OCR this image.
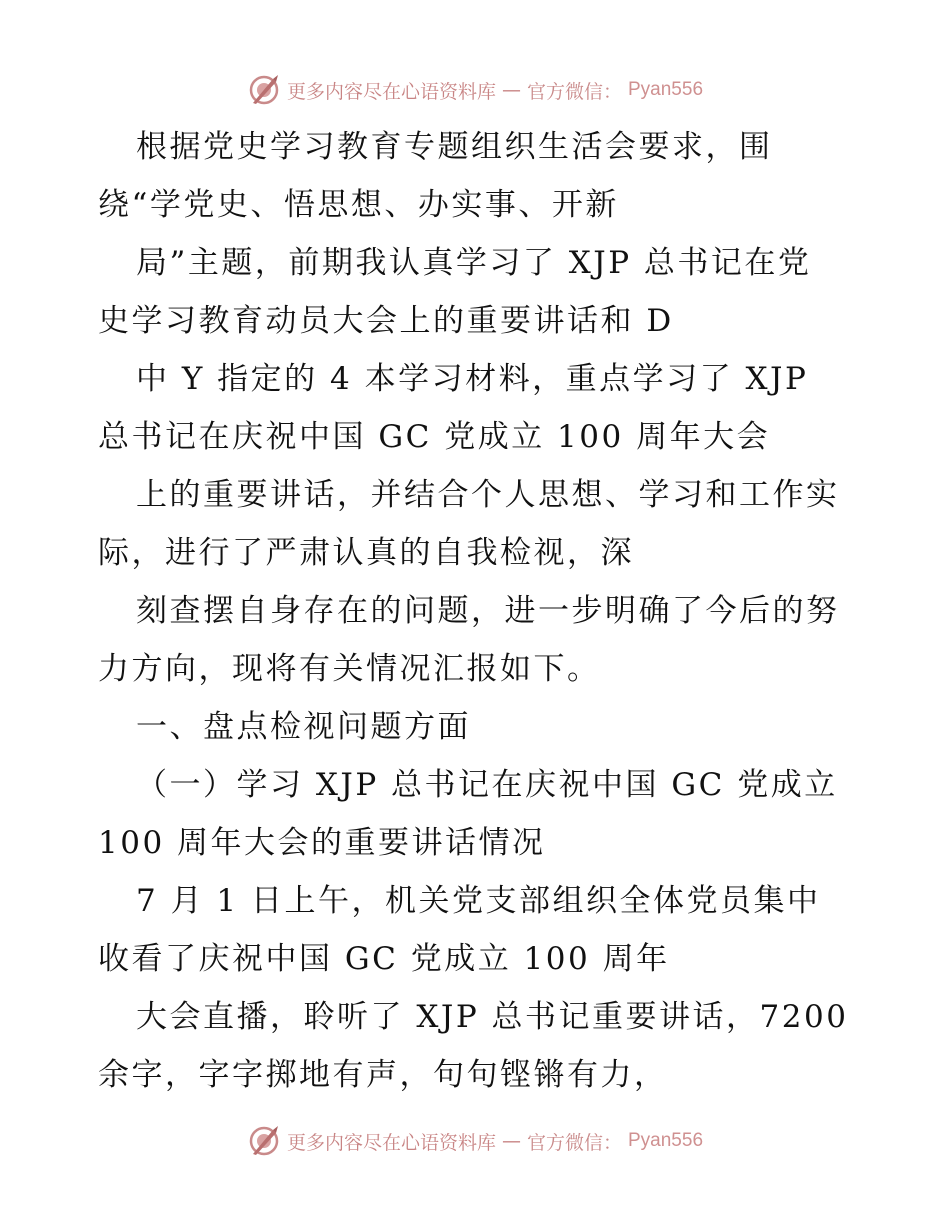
更多内容尽在心语资料库 — 官方微信： Pyan556
根据党史学习教育专题组织生活会要求，围
绕“学党史、悟思想、办实事、开新
局”主题，前期我认真学习了 XJP 总书记在党
史学习教育动员大会上的重要讲话和 D
中 Y 指定的 4 本学习材料，重点学习了 XJP
总书记在庆祝中国 GC 党成立 100 周年大会
上的重要讲话，并结合个人思想、学习和工作实
际，进行了严肃认真的自我检视，深
刻查摆自身存在的问题，进一步明确了今后的努
力方向，现将有关情况汇报如下。
一、盘点检视问题方面
（一）学习 XJP 总书记在庆祝中国 GC 党成立
100 周年大会的重要讲话情况
7 月 1 日上午，机关党支部组织全体党员集中
收看了庆祝中国 GC 党成立 100 周年
大会直播，聆听了 XJP 总书记重要讲话，7200
余字，字字掷地有声，句句铿锵有力，
更多内容尽在心语资料库 — 官方微信： Pyan556
